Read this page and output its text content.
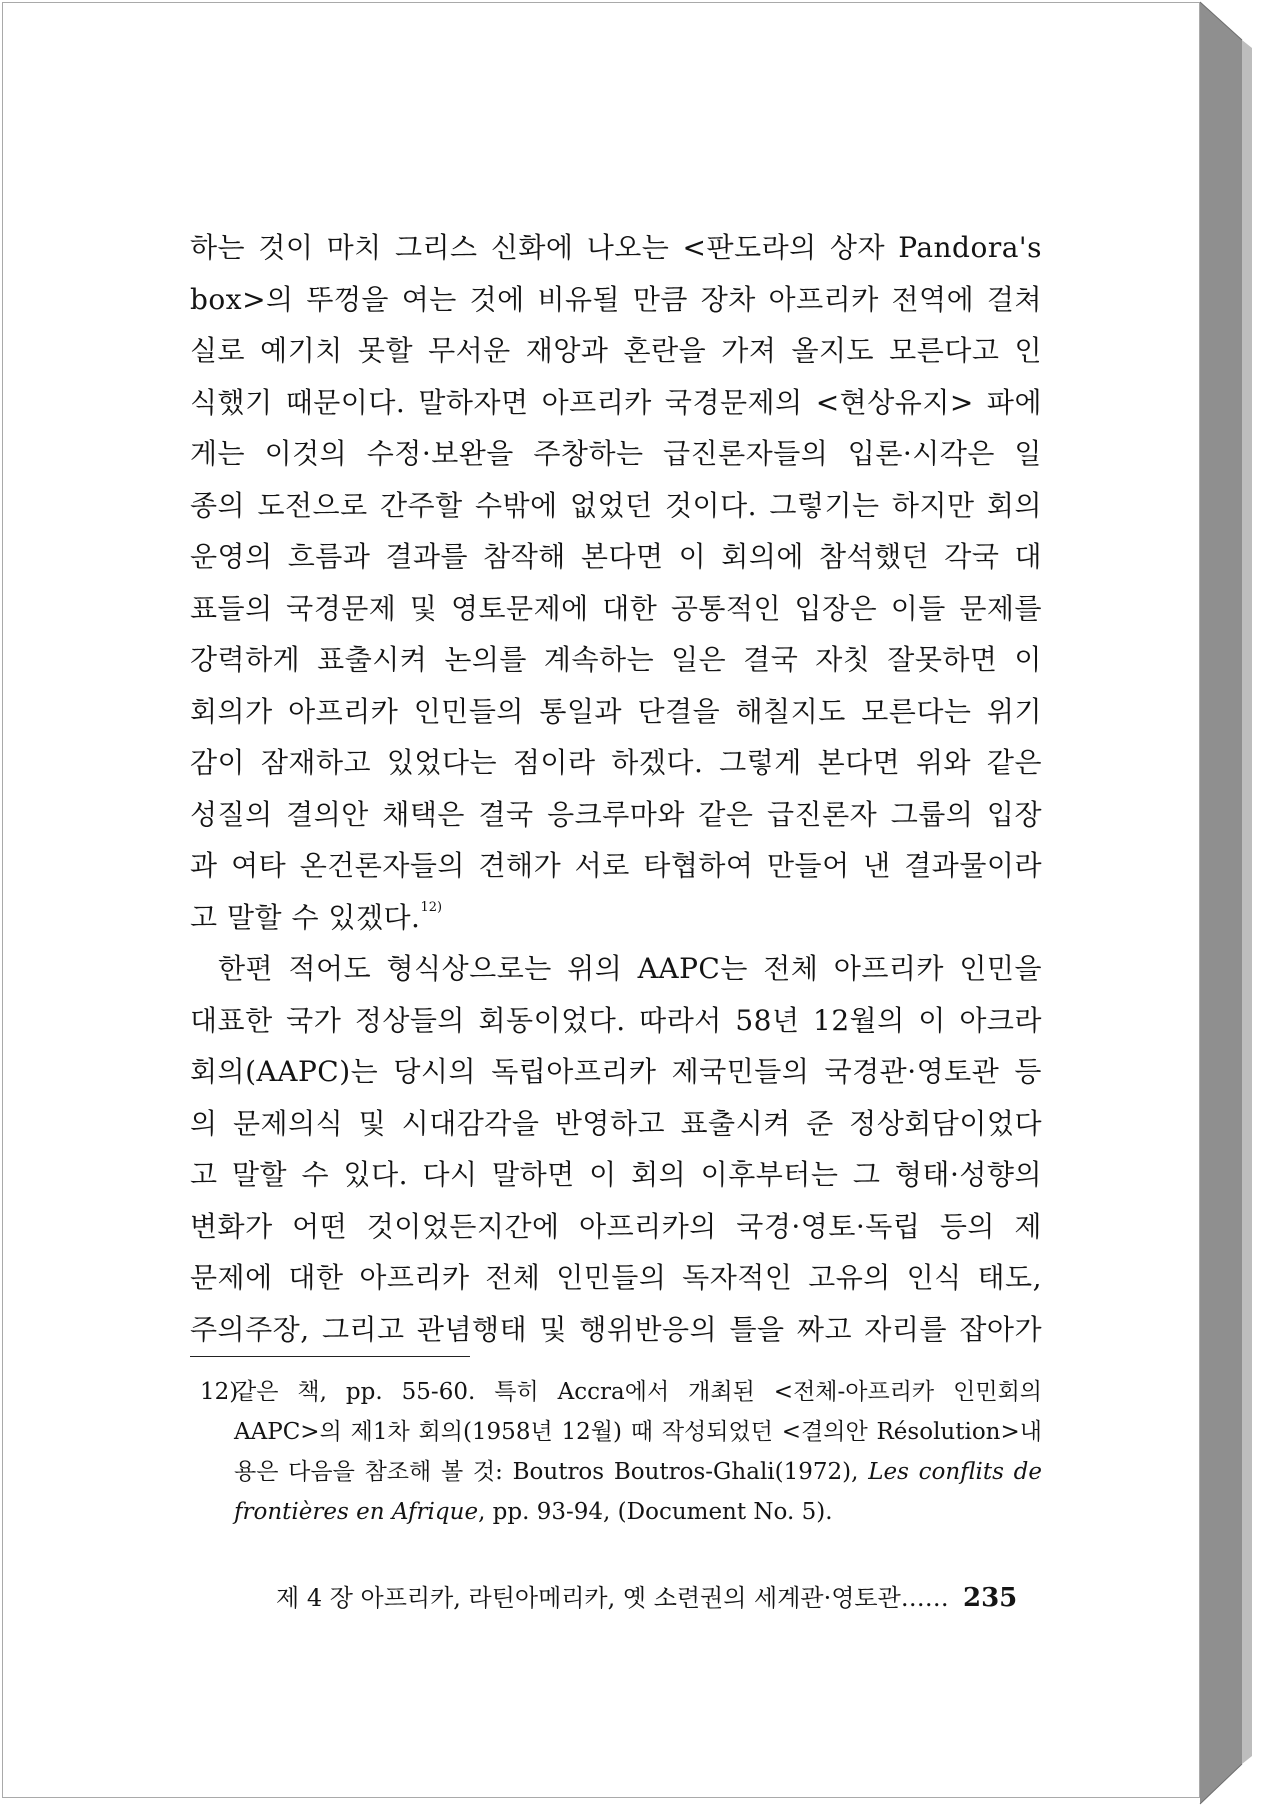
하는 것이 마치 그리스 신화에 나오는 <판도라의 상자 Pandora's
box>의 뚜껑을 여는 것에 비유될 만큼 장차 아프리카 전역에 걸쳐
실로 예기치 못할 무서운 재앙과 혼란을 가져 올지도 모른다고 인
식했기 때문이다. 말하자면 아프리카 국경문제의 <현상유지> 파에
게는 이것의 수정·보완을 주창하는 급진론자들의 입론·시각은 일
종의 도전으로 간주할 수밖에 없었던 것이다. 그렇기는 하지만 회의
운영의 흐름과 결과를 참작해 본다면 이 회의에 참석했던 각국 대
표들의 국경문제 및 영토문제에 대한 공통적인 입장은 이들 문제를
강력하게 표출시켜 논의를 계속하는 일은 결국 자칫 잘못하면 이
회의가 아프리카 인민들의 통일과 단결을 해칠지도 모른다는 위기
감이 잠재하고 있었다는 점이라 하겠다. 그렇게 본다면 위와 같은
성질의 결의안 채택은 결국 응크루마와 같은 급진론자 그룹의 입장
과 여타 온건론자들의 견해가 서로 타협하여 만들어 낸 결과물이라
고 말할 수 있겠다.$^{12)}$
한편 적어도 형식상으로는 위의 AAPC는 전체 아프리카 인민을
대표한 국가 정상들의 회동이었다. 따라서 58년 12월의 이 아크라
회의(AAPC)는 당시의 독립아프리카 제국민들의 국경관·영토관 등
의 문제의식 및 시대감각을 반영하고 표출시켜 준 정상회담이었다
고 말할 수 있다. 다시 말하면 이 회의 이후부터는 그 형태·성향의
변화가 어떤 것이었든지간에 아프리카의 국경·영토·독립 등의 제
문제에 대한 아프리카 전체 인민들의 독자적인 고유의 인식 태도,
주의주장, 그리고 관념행태 및 행위반응의 틀을 짜고 자리를 잡아가
12)같은 책, pp. 55-60. 특히 Accra에서 개최된 <전체-아프리카 인민회의
AAPC>의 제1차 회의(1958년 12월) 때 작성되었던 <결의안 Résolution>내
용은 다음을 참조해 볼 것: Boutros Boutros-Ghali(1972), Les conflits de
frontières en Afrique, pp. 93-94, (Document No. 5).
제 4 장 아프리카, 라틴아메리카, 옛 소련권의 세계관·영토관…… 235
